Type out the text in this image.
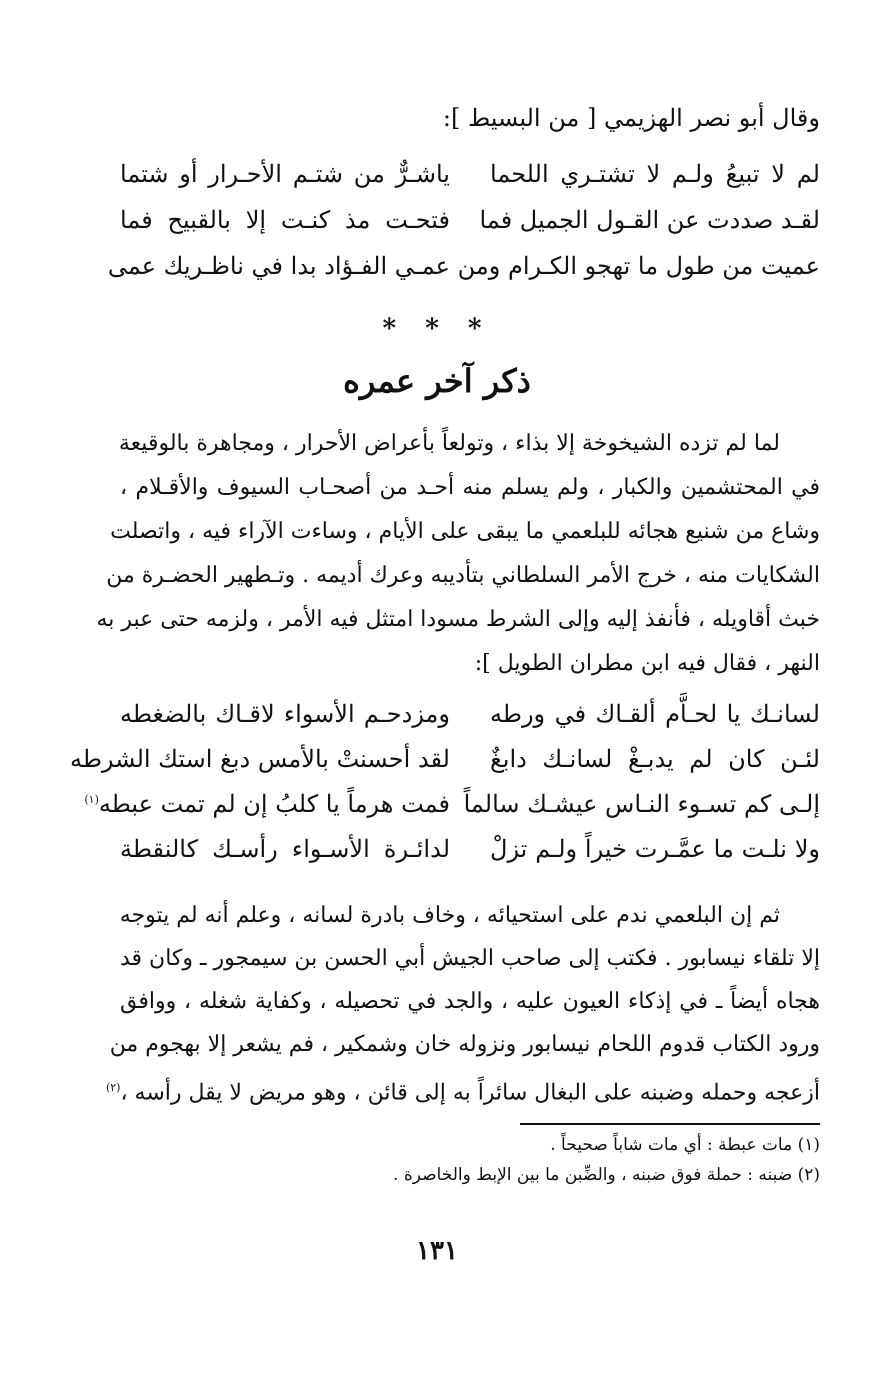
وقال أبو نصر الهزيمي [ من البسيط ]:
لم لا تبيعُ ولـم لا تشتـري اللحما
ياشـرٌّ من شتـم الأحـرار أو شتما
لقـد صددت عن القـول الجميل فما
فتحـت مذ كنـت إلا بالقبيح فما
عميت من طول ما تهجو الكـرام ومن
عمـي الفـؤاد بدا في ناظـريك عمى
* * *
ذكر آخر عمره
لما لم تزده الشيخوخة إلا بذاء ، وتولعاً بأعراض الأحرار ، ومجاهرة بالوقيعة
في المحتشمين والكبار ، ولم يسلم منه أحـد من أصحـاب السيوف والأقـلام ،
وشاع من شنيع هجائه للبلعمي ما يبقى على الأيام ، وساءت الآراء فيه ، واتصلت
الشكايات منه ، خرج الأمر السلطاني بتأديبه وعرك أديمه . وتـطهير الحضـرة من
خبث أقاويله ، فأنفذ إليه وإلى الشرط مسودا امتثل فيه الأمر ، ولزمه حتى عبر به
النهر ، فقال فيه ابن مطران الطويل ]:
لسانـك يا لحـاَّم ألقـاك في ورطه
ومزدحـم الأسواء لاقـاك بالضغطه
لئـن كان لم يدبـغْ لسانـك دابغٌ
لقد أحسنتْ بالأمس دبغ استك الشرطه
إلـى كم تسـوء النـاس عيشـك سالماً
فمت هرماً يا كلبُ إن لم تمت عبطه$^{(١)}$
ولا نلـت ما عمَّـرت خيراً ولـم تزلْ
لدائـرة الأسـواء رأسـك كالنقطة
ثم إن البلعمي ندم على استحيائه ، وخاف بادرة لسانه ، وعلم أنه لم يتوجه
إلا تلقاء نيسابور . فكتب إلى صاحب الجيش أبي الحسن بن سيمجور ـ وكان قد
هجاه أيضاً ـ في إذكاء العيون عليه ، والجد في تحصيله ، وكفاية شغله ، ووافق
ورود الكتاب قدوم اللحام نيسابور ونزوله خان وشمكير ، فم يشعر إلا بهجوم من
أزعجه وحمله وضبنه على البغال سائراً به إلى قائن ، وهو مريض لا يقل رأسه ،$^{(٢)}$
(١) مات عبطة : أي مات شاباً صحيحاً .
(٢) ضبنه : حملة فوق ضبنه ، والضِّبن ما بين الإبط والخاصرة .
١٣١
